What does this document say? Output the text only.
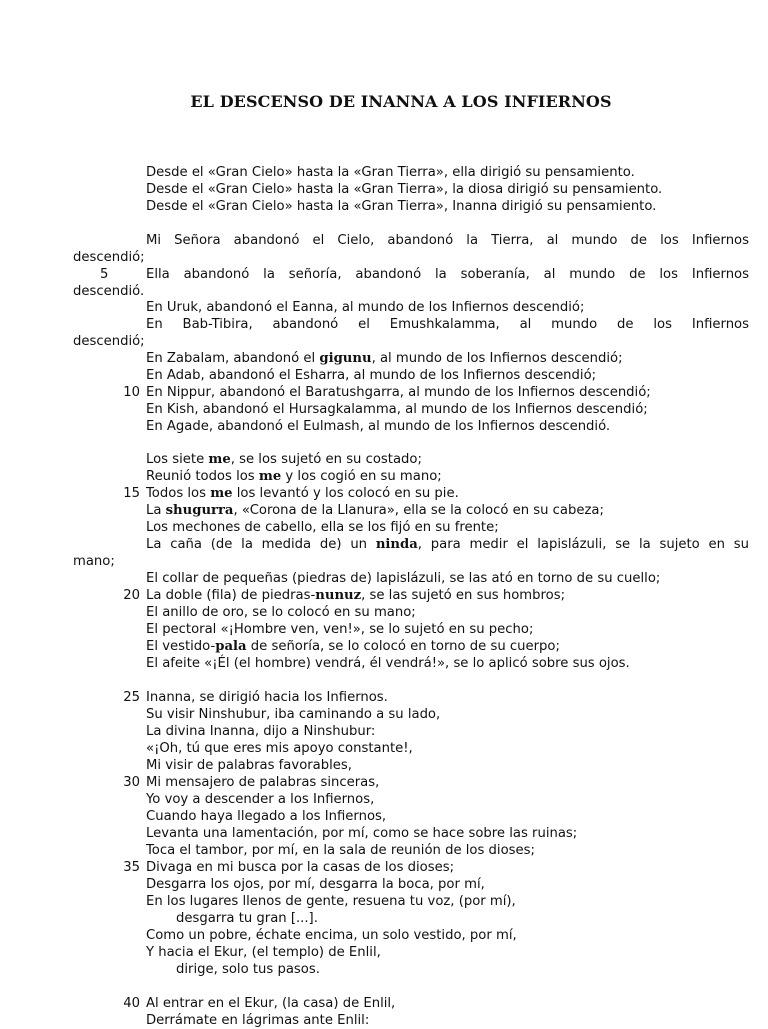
EL DESCENSO DE INANNA A LOS INFIERNOS
Desde el «Gran Cielo» hasta la «Gran Tierra», ella dirigió su pensamiento.
Desde el «Gran Cielo» hasta la «Gran Tierra», la diosa dirigió su pensamiento.
Desde el «Gran Cielo» hasta la «Gran Tierra», Inanna dirigió su pensamiento.
Mi Señora abandonó el Cielo, abandonó la Tierra, al mundo de los Infiernos
descendió;
5	Ella abandonó la señoría, abandonó la soberanía, al mundo de los Infiernos
descendió.
En Uruk, abandonó el Eanna, al mundo de los Infiernos descendió;
En Bab-Tibira, abandonó el Emushkalamma, al mundo de los Infiernos
descendió;
En Zabalam, abandonó el gigunu, al mundo de los Infiernos descendió;
En Adab, abandonó el Esharra, al mundo de los Infiernos descendió;
10 En Nippur, abandonó el Baratushgarra, al mundo de los Infiernos descendió;
En Kish, abandonó el Hursagkalamma, al mundo de los Infiernos descendió;
En Agade, abandonó el Eulmash, al mundo de los Infiernos descendió.
Los siete me, se los sujetó en su costado;
Reunió todos los me y los cogió en su mano;
15 Todos los me los levantó y los colocó en su pie.
La shugurra, «Corona de la Llanura», ella se la colocó en su cabeza;
Los mechones de cabello, ella se los fijó en su frente;
La caña (de la medida de) un ninda, para medir el lapislázuli, se la sujeto en su
mano;
El collar de pequeñas (piedras de) lapislázuli, se las ató en torno de su cuello;
20 La doble (fila) de piedras-nunuz, se las sujetó en sus hombros;
El anillo de oro, se lo colocó en su mano;
El pectoral «¡Hombre ven, ven!», se lo sujetó en su pecho;
El vestido-pala de señoría, se lo colocó en torno de su cuerpo;
El afeite «¡Él (el hombre) vendrá, él vendrá!», se lo aplicó sobre sus ojos.
25 Inanna, se dirigió hacia los Infiernos.
Su visir Ninshubur, iba caminando a su lado,
La divina Inanna, dijo a Ninshubur:
«¡Oh, tú que eres mis apoyo constante!,
Mi visir de palabras favorables,
30 Mi mensajero de palabras sinceras,
Yo voy a descender a los Infiernos,
Cuando haya llegado a los Infiernos,
Levanta una lamentación, por mí, como se hace sobre las ruinas;
Toca el tambor, por mí, en la sala de reunión de los dioses;
35 Divaga en mi busca por la casas de los dioses;
Desgarra los ojos, por mí, desgarra la boca, por mí,
En los lugares llenos de gente, resuena tu voz, (por mí),
desgarra tu gran [...].
Como un pobre, échate encima, un solo vestido, por mí,
Y hacia el Ekur, (el templo) de Enlil,
dirige, solo tus pasos.
40 Al entrar en el Ekur, (la casa) de Enlil,
Derrámate en lágrimas ante Enlil:
